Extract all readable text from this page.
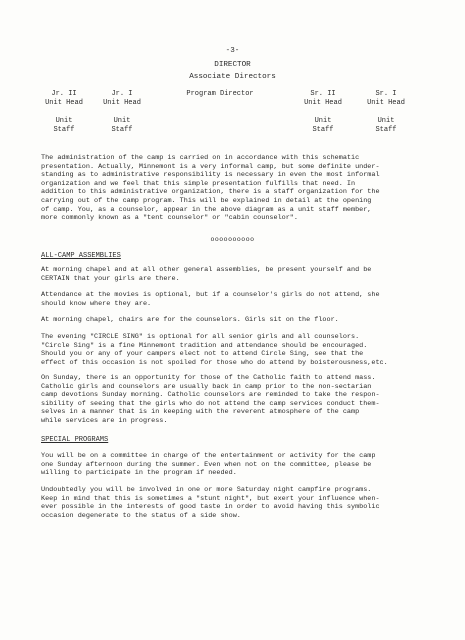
-3-
DIRECTOR
Associate Directors
Jr. II
Unit Head
Unit
Staff
Jr. I
Unit Head
Unit
Staff
Program Director	Sr. II
Unit Head
Unit
Staff
Sr. I
Unit Head
Unit
Staff
The administration of the camp is carried on in accordance with this schematic
presentation. Actually, Minnemont is a very informal camp, but some definite under-
standing as to administrative responsibility is necessary in even the most informal
organization and we feel that this simple presentation fulfills that need. In
addition to this administrative organization, there is a staff organization for the
carrying out of the camp program. This will be explained in detail at the opening
of camp. You, as a counselor, appear in the above diagram as a unit staff member,
more commonly known as a "tent counselor" or "cabin counselor".
oooooooooo
ALL-CAMP ASSEMBLIES
At morning chapel and at all other general assemblies, be present yourself and be
CERTAIN that your girls are there.
Attendance at the movies is optional, but if a counselor's girls do not attend, she
should know where they are.
At morning chapel, chairs are for the counselors. Girls sit on the floor.
The evening "CIRCLE SING" is optional for all senior girls and all counselors.
"Circle Sing" is a fine Minnemont tradition and attendance should be encouraged.
Should you or any of your campers elect not to attend Circle Sing, see that the
effect of this occasion is not spoiled for those who do attend by boisterousness,etc.
On Sunday, there is an opportunity for those of the Catholic faith to attend mass.
Catholic girls and counselors are usually back in camp prior to the non-sectarian
camp devotions Sunday morning. Catholic counselors are reminded to take the respon-
sibility of seeing that the girls who do not attend the camp services conduct them-
selves in a manner that is in keeping with the reverent atmosphere of the camp
while services are in progress.
SPECIAL PROGRAMS
You will be on a committee in charge of the entertainment or activity for the camp
one Sunday afternoon during the summer. Even when not on the committee, please be
willing to participate in the program if needed.
Undoubtedly you will be involved in one or more Saturday night campfire programs.
Keep in mind that this is sometimes a "stunt night", but exert your influence when-
ever possible in the interests of good taste in order to avoid having this symbolic
occasion degenerate to the status of a side show.
